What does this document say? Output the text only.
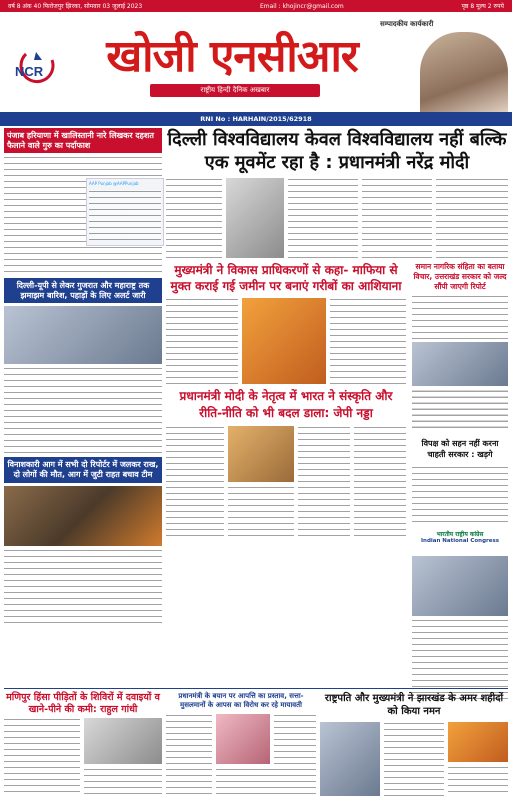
वर्ष 8 अंक 40 फिरोजपुर झिरका, सोमवार 03 जुलाई 2023	Email : khojincr@gmail.com	पृष्ठ 8 मूल्य 2 रुपये
NCR	खोजी एनसीआर
राष्ट्रीय हिन्दी दैनिक अखबार
सम्पादकीय कार्यकारी
RNI No : HARHAIN/2015/62918
पंजाब हरियाणा में खालिस्तानी नारे लिखकर दहशत फैलाने वाले गुरु का पर्दाफाश
दिल्ली-यूपी से लेकर गुजरात और महाराष्ट्र तक झमाझम बारिश, पहाड़ों के लिए अलर्ट जारी
विनाशकारी आग में सभी दो रिपोर्टर में जलकर राख, दो लोगों की मौत, आग में जुटी राहत बचाव टीम
AAP Punjab @AAPPunjab
दिल्ली विश्वविद्यालय केवल विश्वविद्यालय नहीं बल्कि एक मूवमेंट रहा है : प्रधानमंत्री नरेंद्र मोदी
मुख्यमंत्री ने विकास प्राधिकरणों से कहा- माफिया से मुक्त कराई गई जमीन पर बनाएं गरीबों का आशियाना
समान नागरिक संहिता का बताया विचार, उत्तराखंड सरकार को जल्द सौंपी जाएगी रिपोर्ट
प्रधानमंत्री मोदी के नेतृत्व में भारत ने संस्कृति और रीति-नीति को भी बदल डाला: जेपी नड्डा
विपक्ष को सहन नहीं करना चाहती सरकार : खड़गे
भारतीय राष्ट्रीय कांग्रेस
Indian National Congress
मणिपुर हिंसा पीड़ितों के शिविरों में दवाइयों व खाने-पीने की कमी: राहुल गांधी
प्रधानमंत्री के बयान पर आपत्ति का प्रस्ताव, सत्ता-मुसलमानों के आपस का विरोध कर रहे मायावती
राष्ट्रपति और मुख्यमंत्री ने झारखंड के अमर शहीदों को किया नमन
